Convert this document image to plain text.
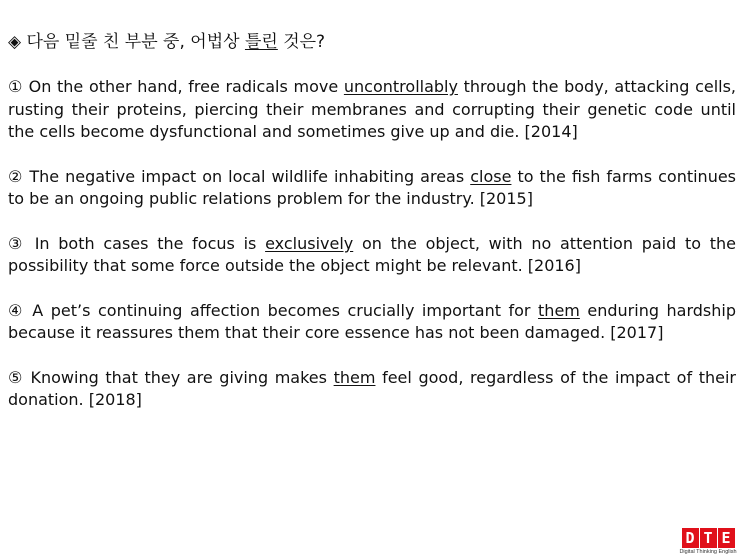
◈ 다음 밑줄 친 부분 중, 어법상 틀린 것은?

① On the other hand, free radicals move uncontrollably through the body, attacking cells, rusting their proteins, piercing their membranes and corrupting their genetic code until the cells become dysfunctional and sometimes give up and die. [2014]

② The negative impact on local wildlife inhabiting areas close to the fish farms continues to be an ongoing public relations problem for the industry. [2015]

③ In both cases the focus is exclusively on the object, with no attention paid to the possibility that some force outside the object might be relevant. [2016]

④ A pet’s continuing affection becomes crucially important for them enduring hardship because it reassures them that their core essence has not been damaged. [2017]

⑤ Knowing that they are giving makes them feel good, regardless of the impact of their donation. [2018]

D T E
Digital Thinking English
